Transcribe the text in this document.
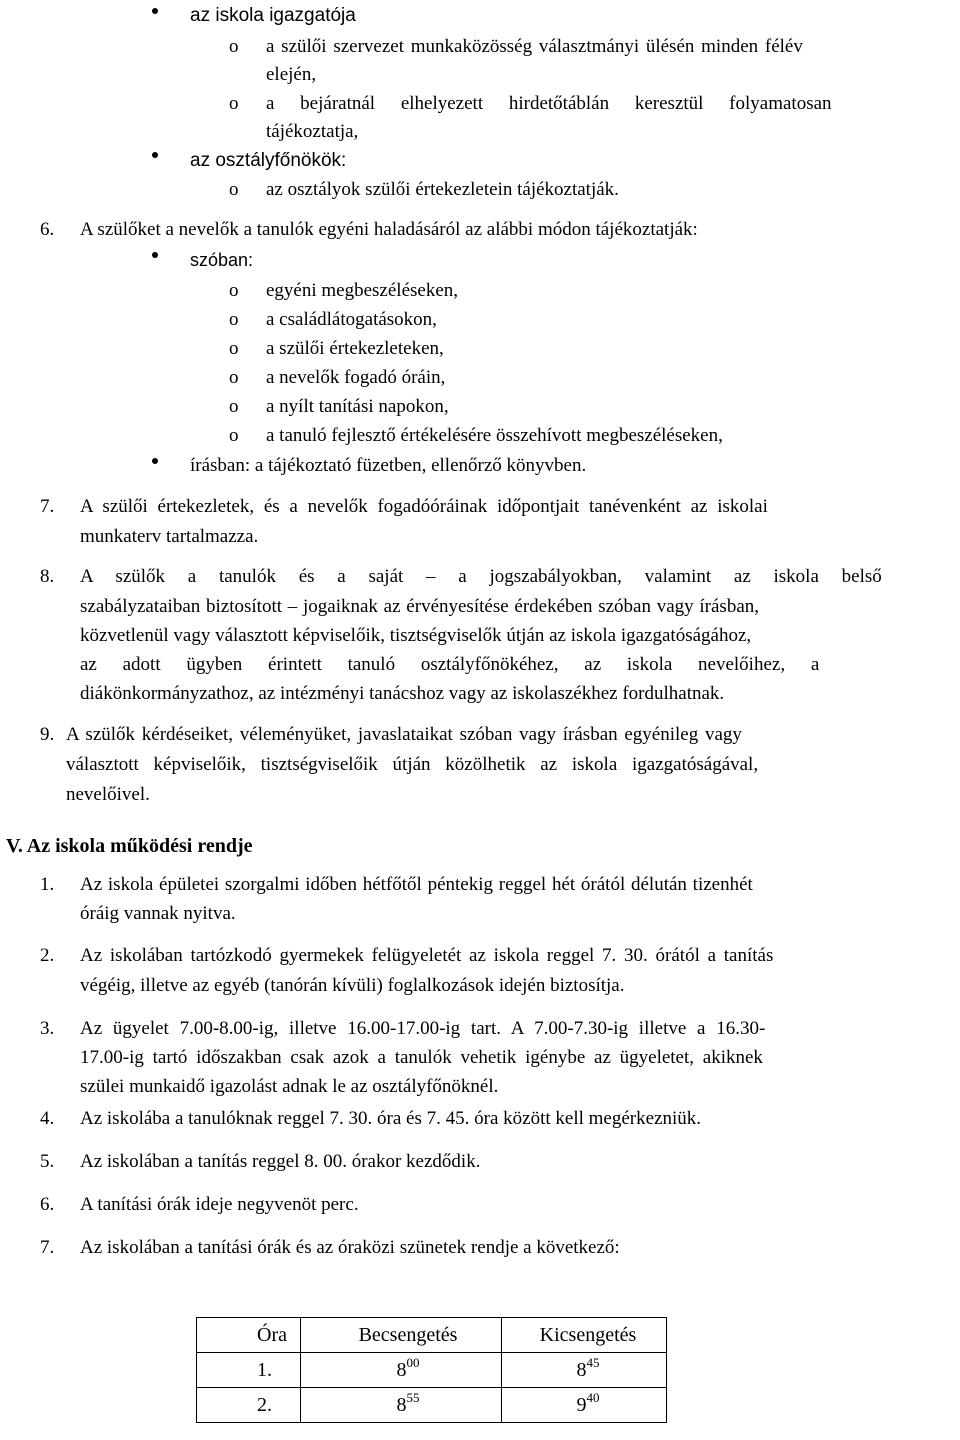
az iskola igazgatója
o a szülői szervezet munkaközösség választmányi ülésén minden félév
elején,
o a bejáratnál elhelyezett hirdetőtáblán keresztül folyamatosan
tájékoztatja,
az osztályfőnökök:
o az osztályok szülői értekezletein tájékoztatják.
6. A szülőket a nevelők a tanulók egyéni haladásáról az alábbi módon tájékoztatják:
szóban:
o egyéni megbeszéléseken,
o a családlátogatásokon,
o a szülői értekezleteken,
o a nevelők fogadó óráin,
o a nyílt tanítási napokon,
o a tanuló fejlesztő értékelésére összehívott megbeszéléseken,
írásban: a tájékoztató füzetben, ellenőrző könyvben.
7. A szülői értekezletek, és a nevelők fogadóóráinak időpontjait tanévenként az iskolai
munkaterv tartalmazza.
8. A szülők a tanulók és a saját – a jogszabályokban, valamint az iskola belső
szabályzataiban biztosított – jogaiknak az érvényesítése érdekében szóban vagy írásban,
közvetlenül vagy választott képviselőik, tisztségviselők útján az iskola igazgatóságához,
az adott ügyben érintett tanuló osztályfőnökéhez, az iskola nevelőihez, a
diákönkormányzathoz, az intézményi tanácshoz vagy az iskolaszékhez fordulhatnak.
9. A szülők kérdéseiket, véleményüket, javaslataikat szóban vagy írásban egyénileg vagy
választott képviselőik, tisztségviselőik útján közölhetik az iskola igazgatóságával,
nevelőivel.
V. Az iskola működési rendje
1. Az iskola épületei szorgalmi időben hétfőtől péntekig reggel hét órától délután tizenhét
óráig vannak nyitva.
2. Az iskolában tartózkodó gyermekek felügyeletét az iskola reggel 7. 30. órától a tanítás
végéig, illetve az egyéb (tanórán kívüli) foglalkozások idején biztosítja.
3. Az ügyelet 7.00-8.00-ig, illetve 16.00-17.00-ig tart. A 7.00-7.30-ig illetve a 16.30-
17.00-ig tartó időszakban csak azok a tanulók vehetik igénybe az ügyeletet, akiknek
szülei munkaidő igazolást adnak le az osztályfőnöknél.
4. Az iskolába a tanulóknak reggel 7. 30. óra és 7. 45. óra között kell megérkezniük.
5. Az iskolában a tanítás reggel 8. 00. órakor kezdődik.
6. A tanítási órák ideje negyvenöt perc.
7. Az iskolában a tanítási órák és az óraközi szünetek rendje a következő:
Óra	Becsengetés	Kicsengetés
1.	$8^{00}$	$8^{45}$
2.	$8^{55}$	$9^{40}$
